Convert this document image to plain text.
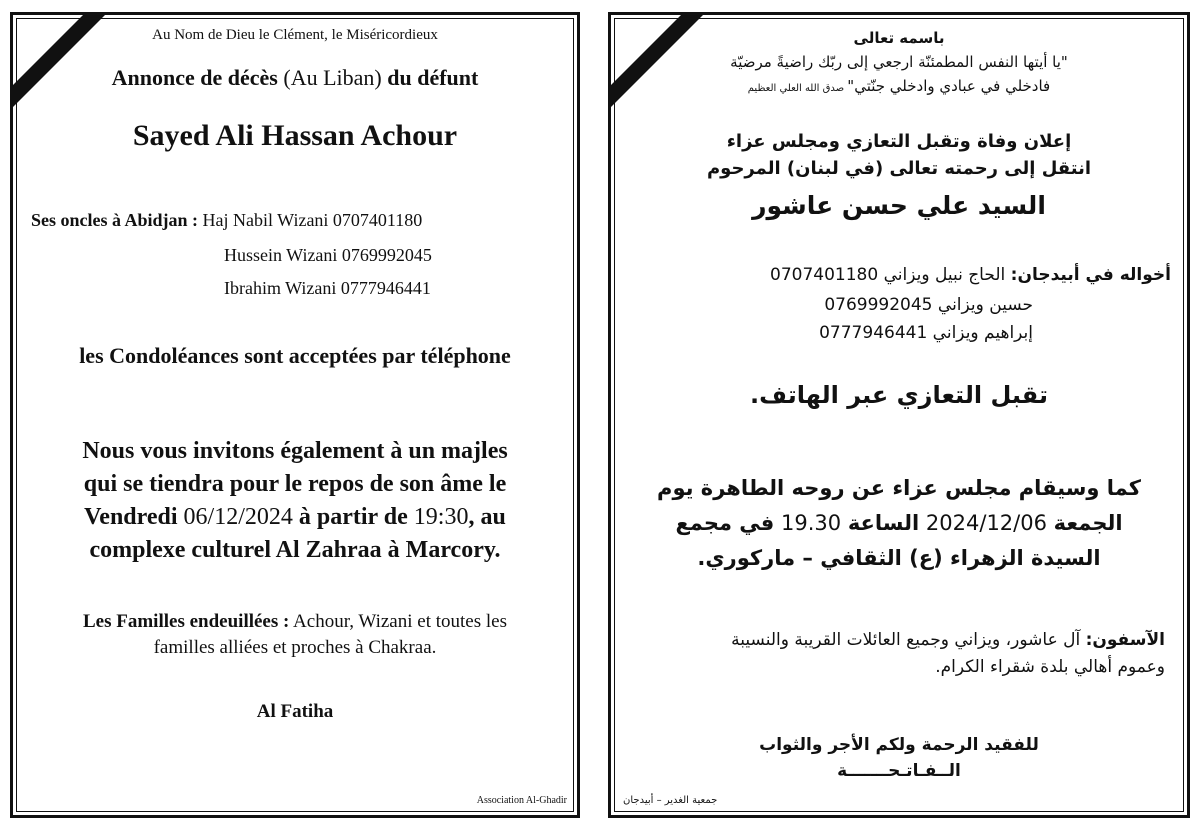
Au Nom de Dieu le Clément, le Miséricordieux
Annonce de décès (Au Liban) du défunt
Sayed Ali Hassan Achour
Ses oncles à Abidjan : Haj Nabil Wizani 0707401180
Hussein Wizani 0769992045
Ibrahim Wizani 0777946441
les Condoléances sont acceptées par téléphone
Nous vous invitons également à un majles
qui se tiendra pour le repos de son âme le
Vendredi 06/12/2024 à partir de 19:30, au
complexe culturel Al Zahraa à Marcory.
Les Familles endeuillées : Achour, Wizani et toutes les
familles alliées et proches à Chakraa.
Al Fatiha
Association Al-Ghadir
باسمه تعالى
"يا أيتها النفس المطمئنّة ارجعي إلى ربّك راضيةً مرضيّة
فادخلي في عبادي وادخلي جنّتي" صدق الله العلي العظيم
إعلان وفاة وتقبل التعازي ومجلس عزاء
انتقل إلى رحمته تعالى (في لبنان) المرحوم
السيد علي حسن عاشور
أخواله في أبيدجان: الحاج نبيل ويزاني 0707401180
حسين ويزاني 0769992045
إبراهيم ويزاني 0777946441
تقبل التعازي عبر الهاتف.
كما وسيقام مجلس عزاء عن روحه الطاهرة يوم
الجمعة 2024/12/06 الساعة 19.30 في مجمع
السيدة الزهراء (ع) الثقافي – ماركوري.
الآسفون: آل عاشور، ويزاني وجميع العائلات القريبة والنسيبة
وعموم أهالي بلدة شقراء الكرام.
للفقيد الرحمة ولكم الأجر والثواب
الــفـاتـحـــــــة
جمعية الغدير – أبيدجان
